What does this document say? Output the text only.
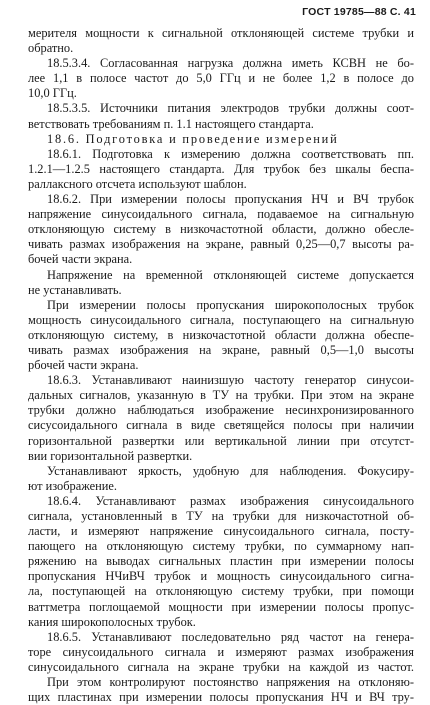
ГОСТ 19785—88 С. 41
мерителя мощности к сигнальной отклоняющей системе трубки и
обратно.
18.5.3.4. Согласованная нагрузка должна иметь КСВН не бо-
лее 1,1 в полосе частот до 5,0 ГГц и не более 1,2 в полосе до
10,0 ГГц.
18.5.3.5. Источники питания электродов трубки должны соот-
ветствовать требованиям п. 1.1 настоящего стандарта.
18.6. Подготовка и проведение измерений
18.6.1. Подготовка к измерению должна соответствовать пп.
1.2.1—1.2.5 настоящего стандарта. Для трубок без шкалы беспа-
раллаксного отсчета используют шаблон.
18.6.2. При измерении полосы пропускания НЧ и ВЧ трубок
напряжение синусоидального сигнала, подаваемое на сигнальную
отклоняющую систему в низкочастотной области, должно обесле-
чивать размах изображения на экране, равный 0,25—0,7 высоты ра-
бочей части экрана.
Напряжение на временной отклоняющей системе допускается
не устанавливать.
При измерении полосы пропускания широкополосных трубок
мощность синусоидального сигнала, поступающего на сигнальную
отклоняющую систему, в низкочастотной области должна обеспе-
чивать размах изображения на экране, равный 0,5—1,0 высоты
рбочей части экрана.
18.6.3. Устанавливают наинизшую частоту генератор синусои-
дальных сигналов, указанную в ТУ на трубки. При этом на экране
трубки должно наблюдаться изображение несинхронизированного
сисусоидального сигнала в виде светящейся полосы при наличии
горизонтальной развертки или вертикальной линии при отсутст-
вии горизонтальной развертки.
Устанавливают яркость, удобную для наблюдения. Фокусиру-
ют изображение.
18.6.4. Устанавливают размах изображения синусоидального
сигнала, установленный в ТУ на трубки для низкочастотной об-
ласти, и измеряют напряжение синусоидального сигнала, посту-
пающего на отклоняющую систему трубки, по суммарному нап-
ряжению на выводах сигнальных пластин при измерении полосы
пропускания НЧиВЧ трубок и мощность синусоидального сигна-
ла, поступающей на отклоняющую систему трубки, при помощи
ваттметра поглощаемой мощности при измерении полосы пропус-
кания широкополосных трубок.
18.6.5. Устанавливают последовательно ряд частот на генера-
торе синусоидального сигнала и измеряют размах изображения
синусоидального сигнала на экране трубки на каждой из частот.
При этом контролируют постоянство напряжения на отклоняю-
щих пластинах при измерении полосы пропускания НЧ и ВЧ тру-
